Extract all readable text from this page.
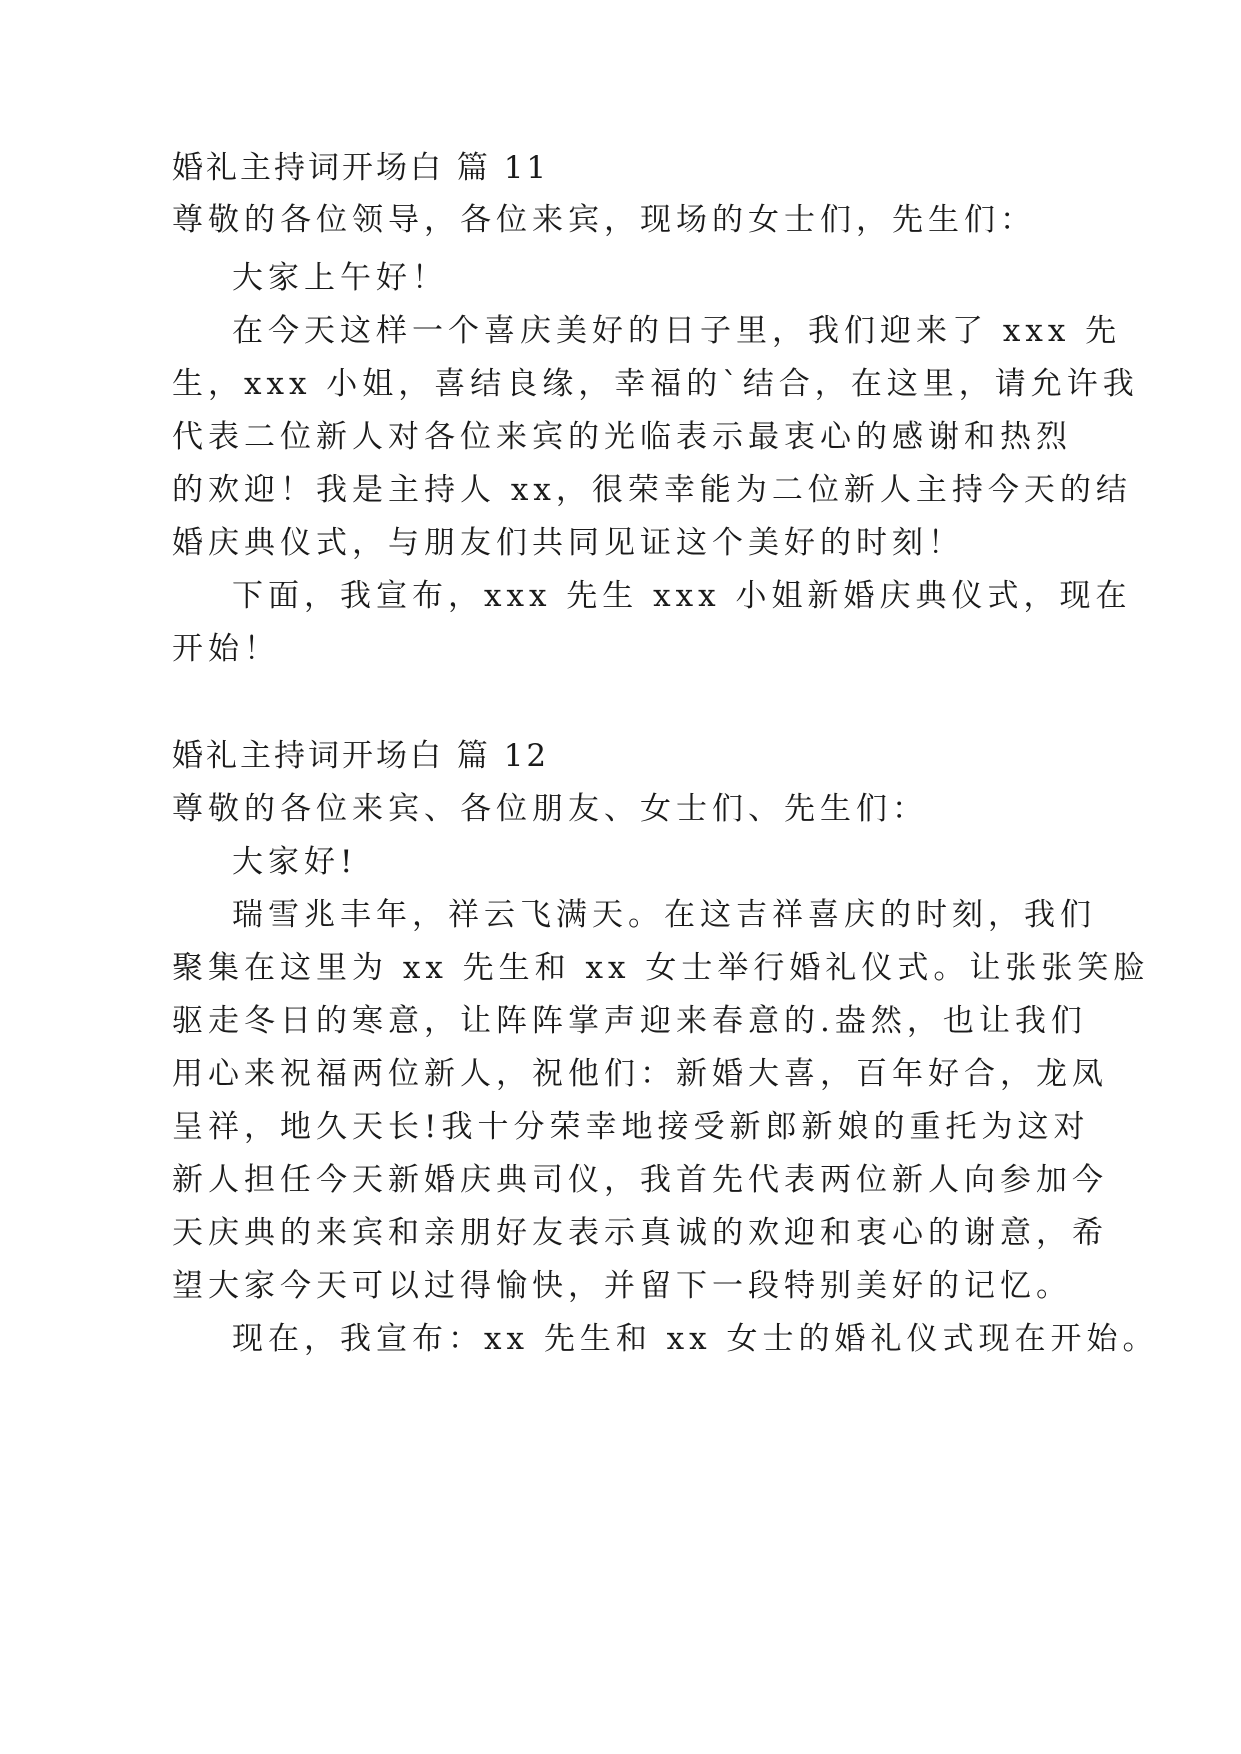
婚礼主持词开场白 篇 11
尊敬的各位领导，各位来宾，现场的女士们，先生们：
大家上午好！
在今天这样一个喜庆美好的日子里，我们迎来了 xxx 先
生，xxx 小姐，喜结良缘，幸福的`结合，在这里，请允许我
代表二位新人对各位来宾的光临表示最衷心的感谢和热烈
的欢迎！我是主持人 xx，很荣幸能为二位新人主持今天的结
婚庆典仪式，与朋友们共同见证这个美好的时刻！
下面，我宣布，xxx 先生 xxx 小姐新婚庆典仪式，现在
开始！
婚礼主持词开场白 篇 12
尊敬的各位来宾、各位朋友、女士们、先生们：
大家好!
瑞雪兆丰年，祥云飞满天。在这吉祥喜庆的时刻，我们
聚集在这里为 xx 先生和 xx 女士举行婚礼仪式。让张张笑脸
驱走冬日的寒意，让阵阵掌声迎来春意的.盎然，也让我们
用心来祝福两位新人，祝他们：新婚大喜，百年好合，龙凤
呈祥，地久天长!我十分荣幸地接受新郎新娘的重托为这对
新人担任今天新婚庆典司仪，我首先代表两位新人向参加今
天庆典的来宾和亲朋好友表示真诚的欢迎和衷心的谢意，希
望大家今天可以过得愉快，并留下一段特别美好的记忆。
现在，我宣布：xx 先生和 xx 女士的婚礼仪式现在开始。
